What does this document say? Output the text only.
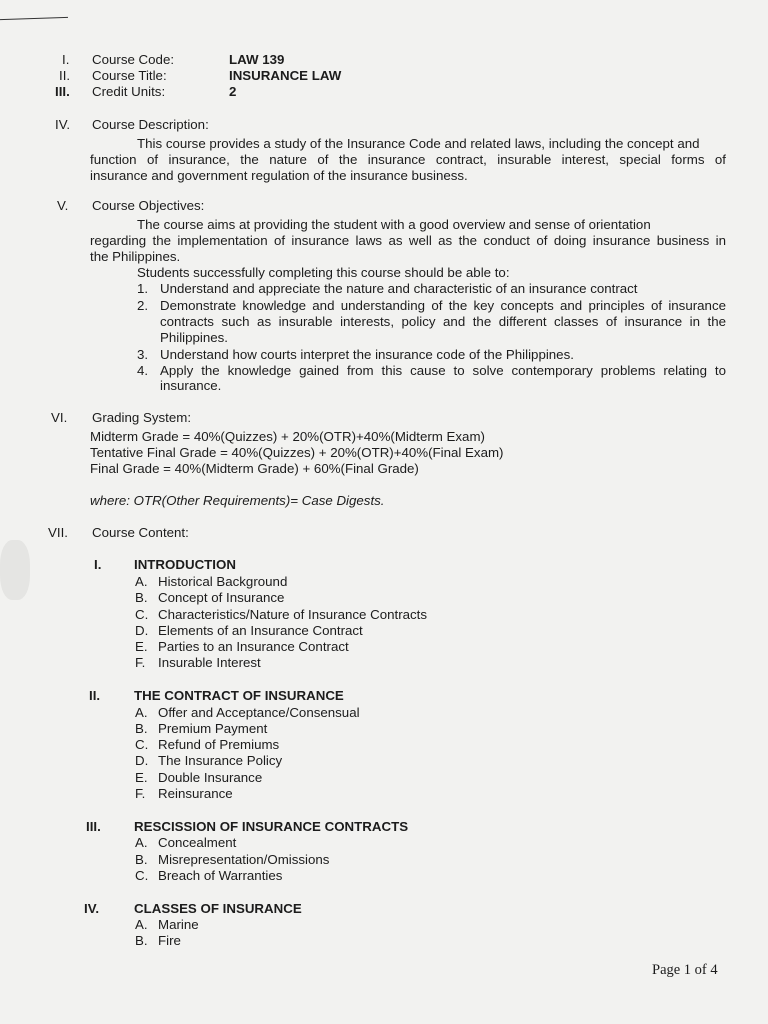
I. Course Code:	LAW 139
II. Course Title:	INSURANCE LAW
III. Credit Units:	2
IV. Course Description:
This course provides a study of the Insurance Code and related laws, including the concept and
function of insurance, the nature of the insurance contract, insurable interest, special forms of
insurance and government regulation of the insurance business.
V. Course Objectives:
The course aims at providing the student with a good overview and sense of orientation
regarding the implementation of insurance laws as well as the conduct of doing insurance business in
the Philippines.
Students successfully completing this course should be able to:
1. Understand and appreciate the nature and characteristic of an insurance contract
2. Demonstrate knowledge and understanding of the key concepts and principles of insurance
contracts such as insurable interests, policy and the different classes of insurance in the
Philippines.
3. Understand how courts interpret the insurance code of the Philippines.
4. Apply the knowledge gained from this cause to solve contemporary problems relating to
insurance.
VI. Grading System:
Midterm Grade = 40%(Quizzes) + 20%(OTR)+40%(Midterm Exam)
Tentative Final Grade = 40%(Quizzes) + 20%(OTR)+40%(Final Exam)
Final Grade = 40%(Midterm Grade) + 60%(Final Grade)
where: OTR(Other Requirements)= Case Digests.
VII. Course Content:
I. INTRODUCTION
A. Historical Background
B. Concept of Insurance
C. Characteristics/Nature of Insurance Contracts
D. Elements of an Insurance Contract
E. Parties to an Insurance Contract
F. Insurable Interest
II.	THE CONTRACT OF INSURANCE
A. Offer and Acceptance/Consensual
B. Premium Payment
C. Refund of Premiums
D. The Insurance Policy
E. Double Insurance
F. Reinsurance
III. RESCISSION OF INSURANCE CONTRACTS
A. Concealment
B. Misrepresentation/Omissions
C. Breach of Warranties
IV.	CLASSES OF INSURANCE
A. Marine
B. Fire
Page 1 of 4
